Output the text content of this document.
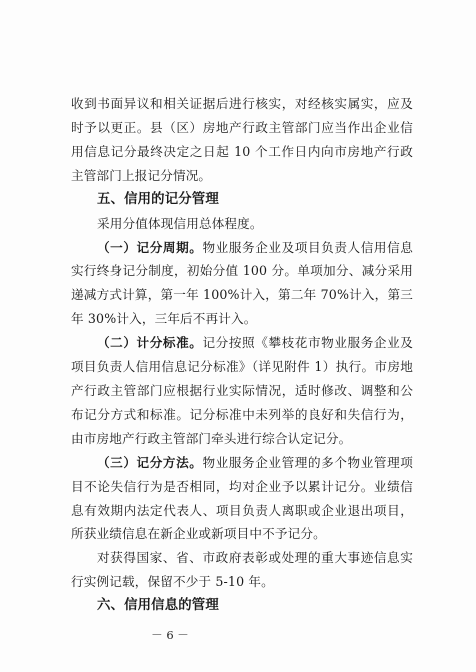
收到书面异议和相关证据后进行核实，对经核实属实，应及时予以更正。县（区）房地产行政主管部门应当作出企业信用信息记分最终决定之日起 10 个工作日内向市房地产行政主管部门上报记分情况。

五、信用的记分管理

采用分值体现信用总体程度。

（一）记分周期。物业服务企业及项目负责人信用信息实行终身记分制度，初始分值 100 分。单项加分、减分采用递减方式计算，第一年 100%计入，第二年 70%计入，第三年 30%计入，三年后不再计入。

（二）计分标准。记分按照《攀枝花市物业服务企业及项目负责人信用信息记分标准》（详见附件 1）执行。市房地产行政主管部门应根据行业实际情况，适时修改、调整和公布记分方式和标准。记分标准中未列举的良好和失信行为，由市房地产行政主管部门牵头进行综合认定记分。

（三）记分方法。物业服务企业管理的多个物业管理项目不论失信行为是否相同，均对企业予以累计记分。业绩信息有效期内法定代表人、项目负责人离职或企业退出项目，所获业绩信息在新企业或新项目中不予记分。

对获得国家、省、市政府表彰或处理的重大事迹信息实行实例记载，保留不少于 5-10 年。

六、信用信息的管理
－ 6 －
